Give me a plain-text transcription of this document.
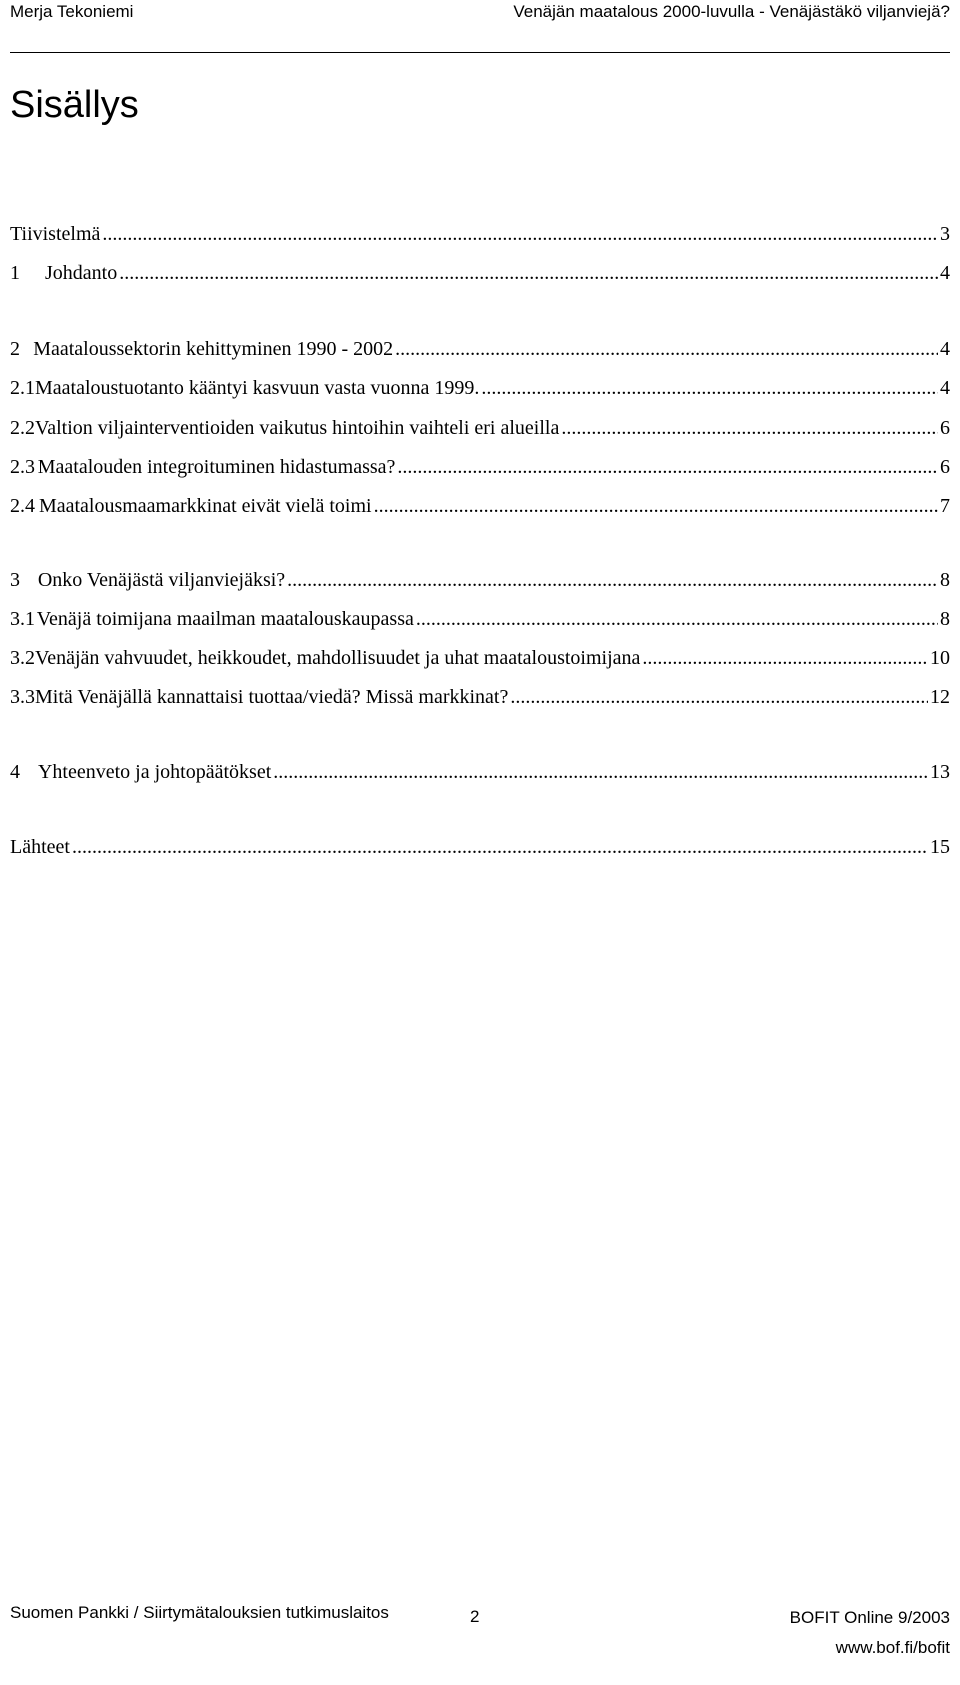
Merja Tekoniemi	Venäjän maatalous 2000-luvulla - Venäjästäkö viljanviejä?
Sisällys
Tiivistelmä .....	3
1	Johdanto .....	4
2 Maataloussektorin kehittyminen 1990 - 2002 .....	4
2.1 Maataloustuotanto kääntyi kasvuun vasta vuonna 1999. .....	4
2.2 Valtion viljainterventioiden vaikutus hintoihin vaihteli eri alueilla .....	6
2.3 Maatalouden integroituminen hidastumassa? .....	6
2.4 Maatalousmaamarkkinat eivät vielä toimi .....	7
3 Onko Venäjästä viljanviejäksi? .....	8
3.1 Venäjä toimijana maailman maatalouskaupassa .....	8
3.2 Venäjän vahvuudet, heikkoudet, mahdollisuudet ja uhat maataloustoimijana .....	10
3.3 Mitä Venäjällä kannattaisi tuottaa/viedä? Missä markkinat? .....	12
4 Yhteenveto ja johtopäätökset .....	13
Lähteet .....	15
Suomen Pankki / Siirtymätalouksien tutkimuslaitos	2	BOFIT Online 9/2003
www.bof.fi/bofit
